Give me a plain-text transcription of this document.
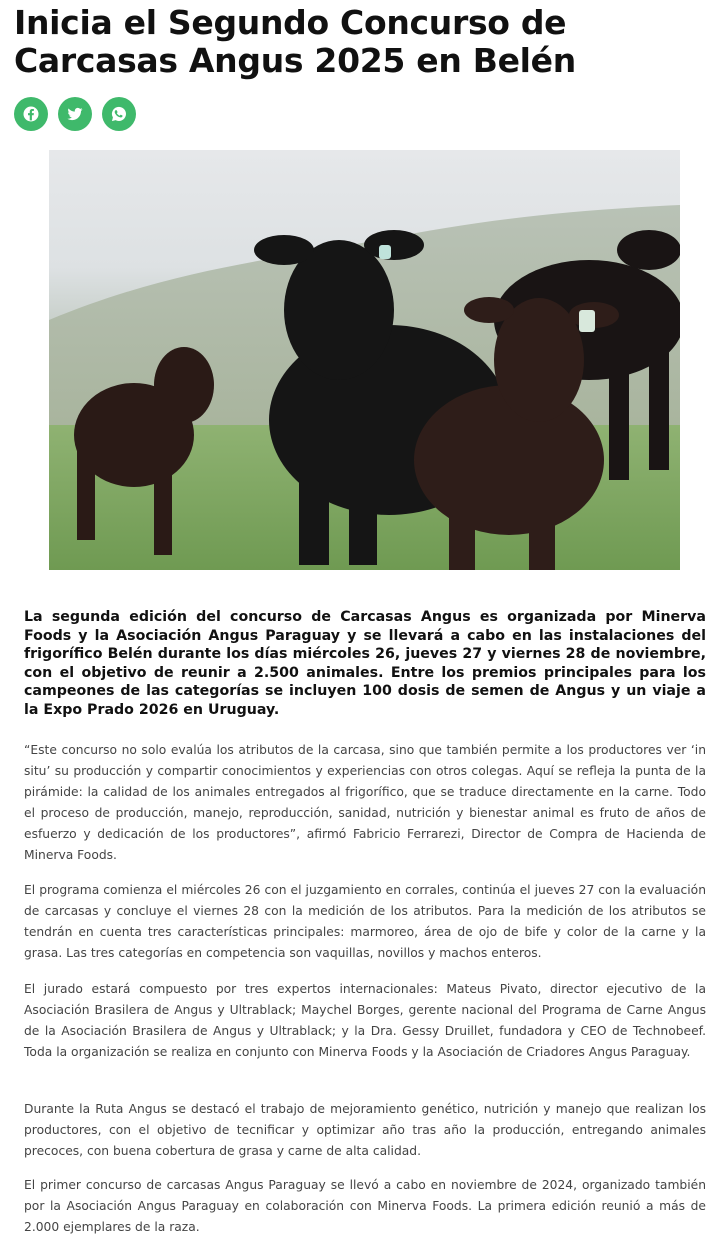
Inicia el Segundo Concurso de Carcasas Angus 2025 en Belén

La segunda edición del concurso de Carcasas Angus es organizada por Minerva Foods y la Asociación Angus Paraguay y se llevará a cabo en las instalaciones del frigorífico Belén durante los días miércoles 26, jueves 27 y viernes 28 de noviembre, con el objetivo de reunir a 2.500 animales. Entre los premios principales para los campeones de las categorías se incluyen 100 dosis de semen de Angus y un viaje a la Expo Prado 2026 en Uruguay.

“Este concurso no solo evalúa los atributos de la carcasa, sino que también permite a los productores ver ‘in situ’ su producción y compartir conocimientos y experiencias con otros colegas. Aquí se refleja la punta de la pirámide: la calidad de los animales entregados al frigorífico, que se traduce directamente en la carne. Todo el proceso de producción, manejo, reproducción, sanidad, nutrición y bienestar animal es fruto de años de esfuerzo y dedicación de los productores”, afirmó Fabricio Ferrarezi, Director de Compra de Hacienda de Minerva Foods.

El programa comienza el miércoles 26 con el juzgamiento en corrales, continúa el jueves 27 con la evaluación de carcasas y concluye el viernes 28 con la medición de los atributos. Para la medición de los atributos se tendrán en cuenta tres características principales: marmoreo, área de ojo de bife y color de la carne y la grasa. Las tres categorías en competencia son vaquillas, novillos y machos enteros.

El jurado estará compuesto por tres expertos internacionales: Mateus Pivato, director ejecutivo de la Asociación Brasilera de Angus y Ultrablack; Maychel Borges, gerente nacional del Programa de Carne Angus de la Asociación Brasilera de Angus y Ultrablack; y la Dra. Gessy Druillet, fundadora y CEO de Technobeef. Toda la organización se realiza en conjunto con Minerva Foods y la Asociación de Criadores Angus Paraguay.

Durante la Ruta Angus se destacó el trabajo de mejoramiento genético, nutrición y manejo que realizan los productores, con el objetivo de tecnificar y optimizar año tras año la producción, entregando animales precoces, con buena cobertura de grasa y carne de alta calidad.

El primer concurso de carcasas Angus Paraguay se llevó a cabo en noviembre de 2024, organizado también por la Asociación Angus Paraguay en colaboración con Minerva Foods. La primera edición reunió a más de 2.000 ejemplares de la raza.
